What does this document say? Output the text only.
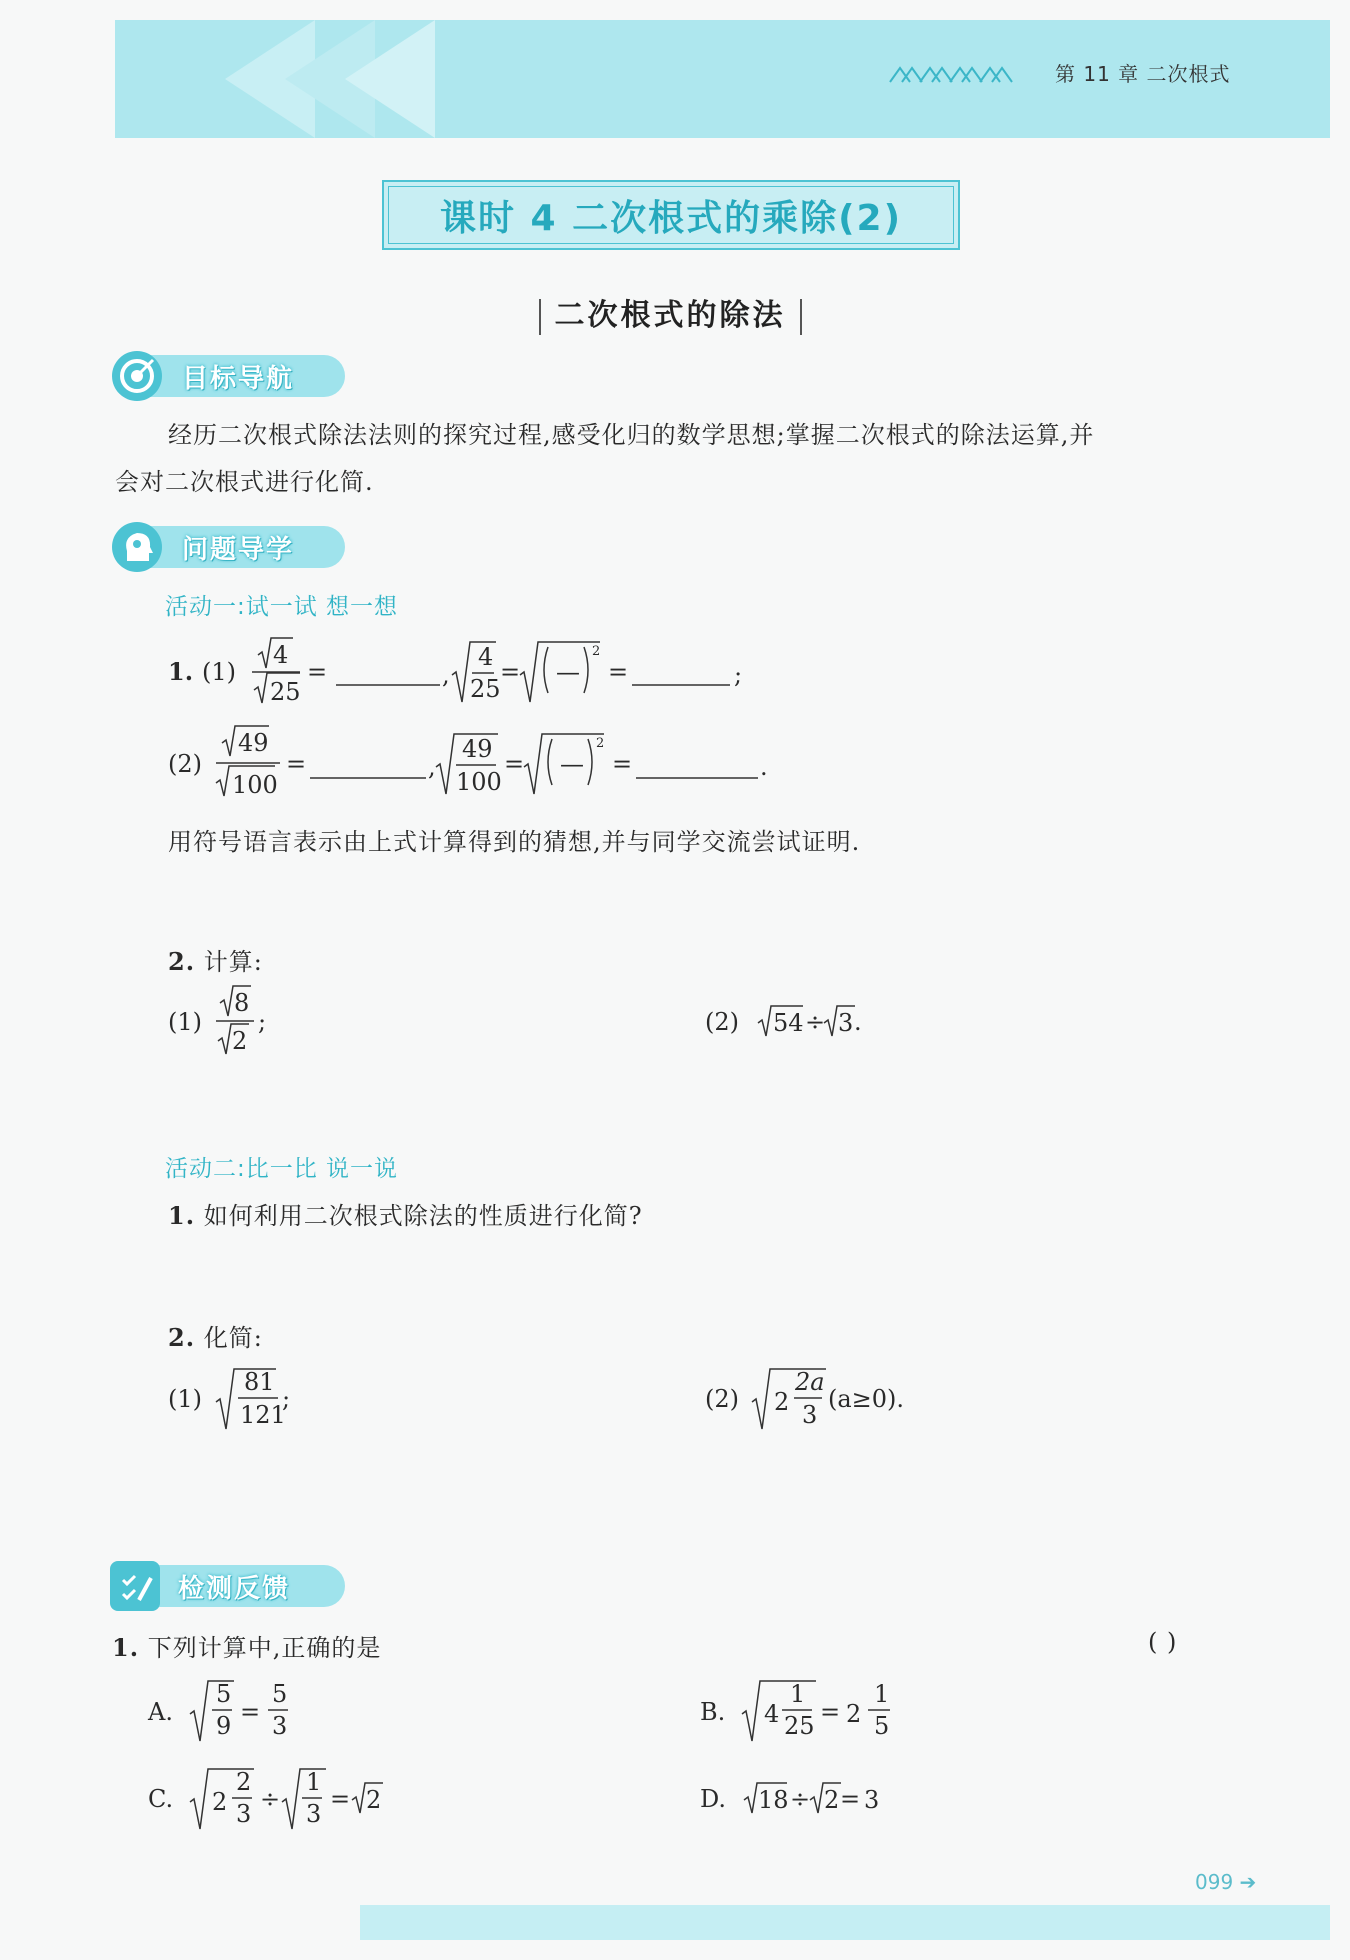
第 11 章 二次根式
课时 4 二次根式的乘除(2)
二次根式的除法
目标导航
经历二次根式除法法则的探究过程,感受化归的数学思想;掌握二次根式的除法运算,并
会对二次根式进行化简.
问题导学
活动一:试一试 想一想
1. (1)
4
25
=	,
4
25
= —
2
=	;
(2)
49
100
=	,
49
100
= —
2
=	.
用符号语言表示由上式计算得到的猜想,并与同学交流尝试证明.
2. 计算:
(1)
8
2
;	(2) 54 ÷ 3 .
活动二:比一比 说一说
1. 如何利用二次根式除法的性质进行化简?
2. 化简:
(1)
81
121
;	(2) 2
2a
3
(a≥0).
检测反馈
1. 下列计算中,正确的是	( )
A.
5
9 =
5
3	B. 4
1
25 = 2
1
5
C. 2
2
3
÷
1
3
= 2	D. 18 ÷ 2 = 3
099 ➔
